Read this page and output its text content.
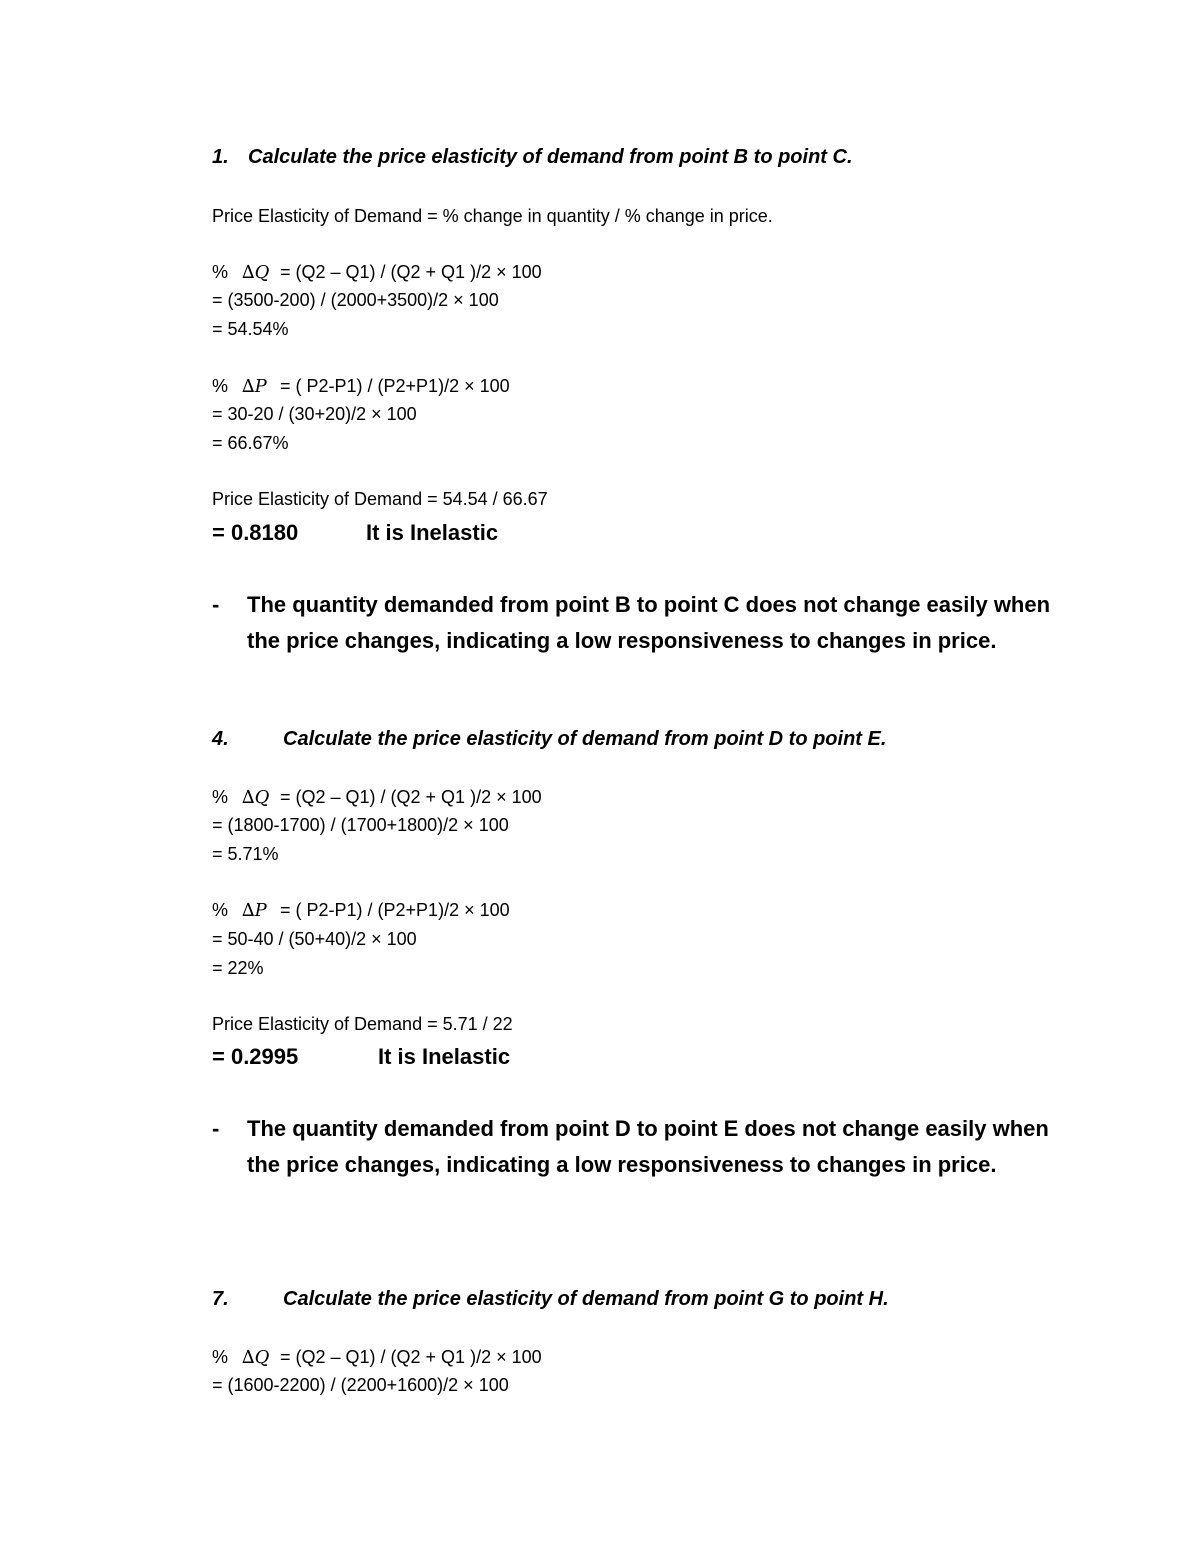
1. Calculate the price elasticity of demand from point B to point C.
Price Elasticity of Demand = % change in quantity / % change in price.
% ∆Q = (Q2 – Q1) / (Q2 + Q1 )/2 × 100
= (3500-200) / (2000+3500)/2 × 100
= 54.54%
% ∆P = ( P2-P1) / (P2+P1)/2 × 100
= 30-20 / (30+20)/2 × 100
= 66.67%
Price Elasticity of Demand = 54.54 / 66.67
= 0.8180	It is Inelastic
- The quantity demanded from point B to point C does not change easily when the price changes, indicating a low responsiveness to changes in price.
4.	Calculate the price elasticity of demand from point D to point E.
% ∆Q = (Q2 – Q1) / (Q2 + Q1 )/2 × 100
= (1800-1700) / (1700+1800)/2 × 100
= 5.71%
% ∆P = ( P2-P1) / (P2+P1)/2 × 100
= 50-40 / (50+40)/2 × 100
= 22%
Price Elasticity of Demand = 5.71 / 22
= 0.2995	It is Inelastic
- The quantity demanded from point D to point E does not change easily when the price changes, indicating a low responsiveness to changes in price.
7.	Calculate the price elasticity of demand from point G to point H.
% ∆Q = (Q2 – Q1) / (Q2 + Q1 )/2 × 100
= (1600-2200) / (2200+1600)/2 × 100
